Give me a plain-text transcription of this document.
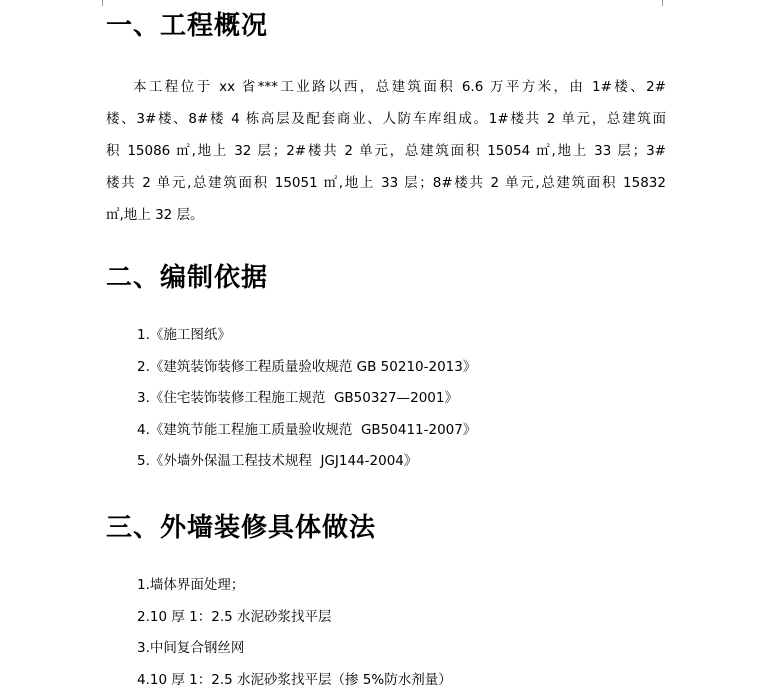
一、工程概况
本工程位于 xx 省***工业路以西，总建筑面积 6.6 万平方米，由 1#楼、2#
楼、3#楼、8#楼 4 栋高层及配套商业、人防车库组成。1#楼共 2 单元，总建筑面
积 15086 ㎡,地上 32 层；2#楼共 2 单元，总建筑面积 15054 ㎡,地上 33 层；3#
楼共 2 单元,总建筑面积 15051 ㎡,地上 33 层；8#楼共 2 单元,总建筑面积 15832
㎡,地上 32 层。
二、编制依据
1.《施工图纸》
2.《建筑装饰装修工程质量验收规范 GB 50210-2013》
3.《住宅装饰装修工程施工规范  GB50327—2001》
4.《建筑节能工程施工质量验收规范  GB50411-2007》
5.《外墙外保温工程技术规程  JGJ144-2004》
三、外墙装修具体做法
1.墙体界面处理；
2.10 厚 1：2.5 水泥砂浆找平层
3.中间复合钢丝网
4.10 厚 1：2.5 水泥砂浆找平层（掺 5%防水剂量）
